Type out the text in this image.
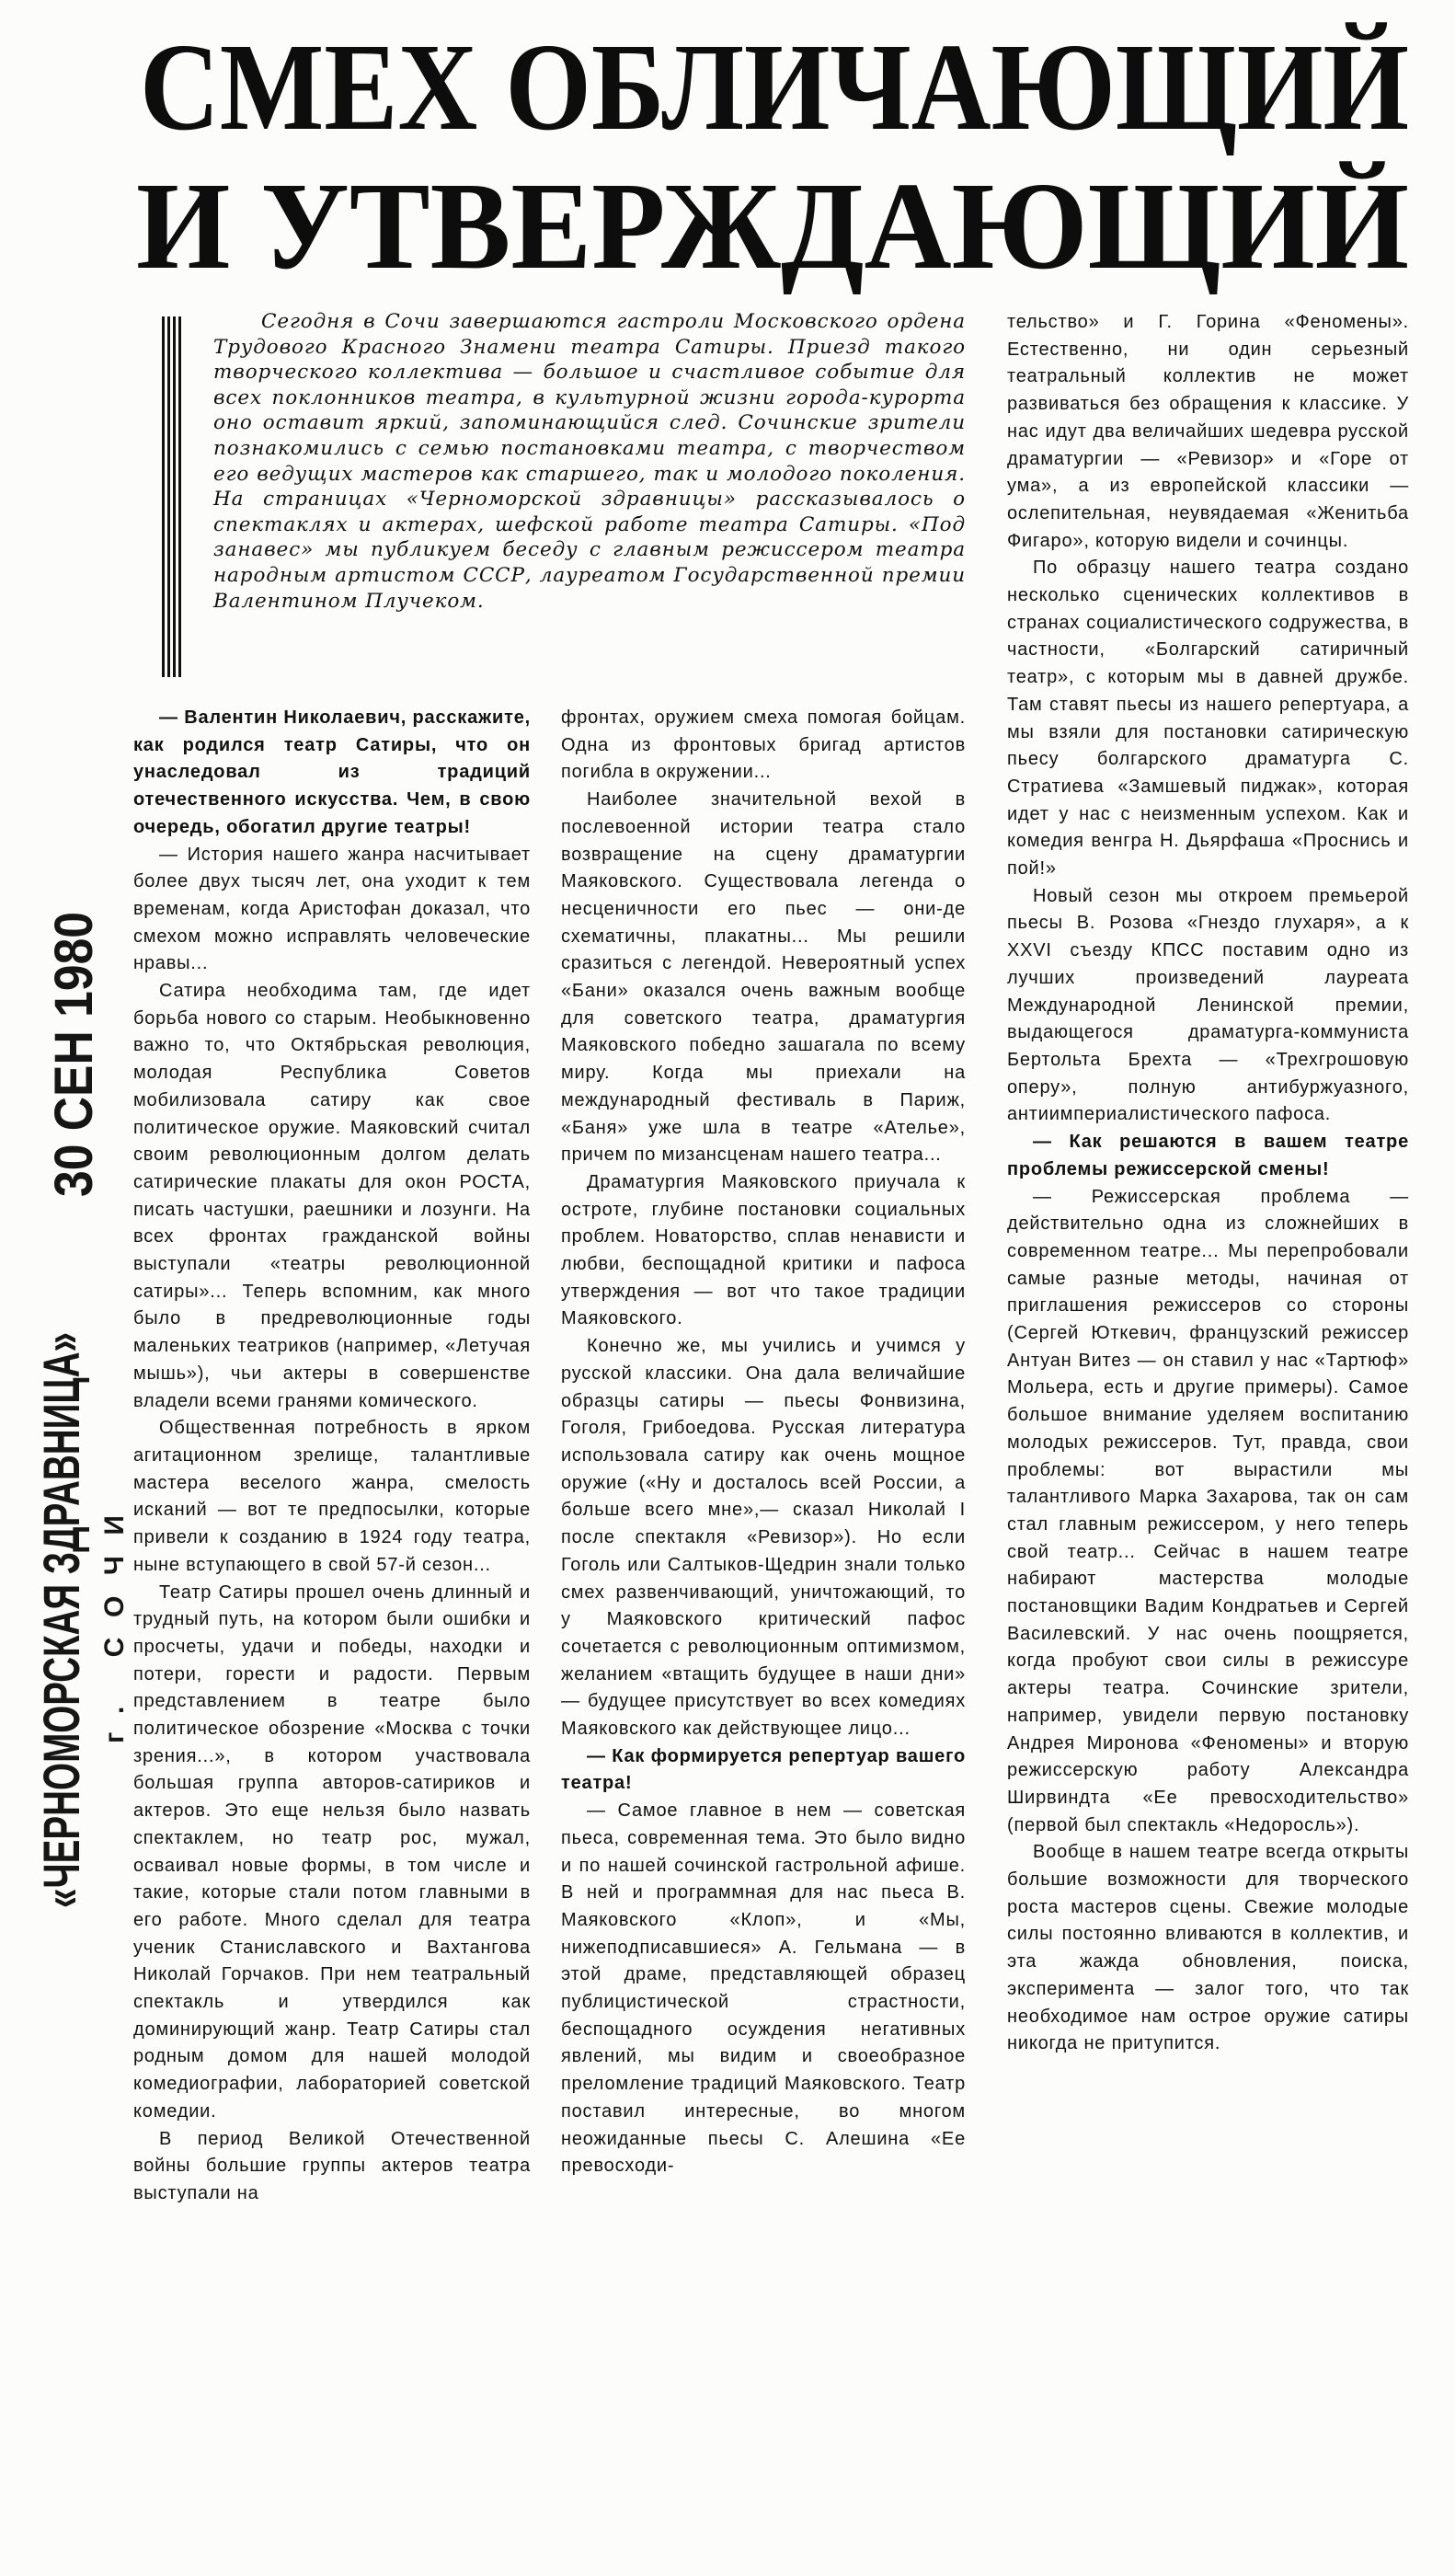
СМЕХ ОБЛИЧАЮЩИЙ
И УТВЕРЖДАЮЩИЙ

Сегодня в Сочи завершаются гастроли Московского ордена Трудового Красного Знамени театра Сатиры. Приезд такого творческого коллектива — большое и счастливое событие для всех поклонников театра, в культурной жизни города-курорта оно оставит яркий, запоминающийся след. Сочинские зрители познакомились с семью постановками театра, с творчеством его ведущих мастеров как старшего, так и молодого поколения. На страницах «Черноморской здравницы» рассказывалось о спектаклях и актерах, шефской работе театра Сатиры. «Под занавес» мы публикуем беседу с главным режиссером театра народным артистом СССР, лауреатом Государственной премии Валентином Плучеком.

— Валентин Николаевич, расскажите, как родился театр Сатиры, что он унаследовал из традиций отечественного искусства. Чем, в свою очередь, обогатил другие театры!

— История нашего жанра насчитывает более двух тысяч лет, она уходит к тем временам, когда Аристофан доказал, что смехом можно исправлять человеческие нравы...

Сатира необходима там, где идет борьба нового со старым. Необыкновенно важно то, что Октябрьская революция, молодая Республика Советов мобилизовала сатиру как свое политическое оружие. Маяковский считал своим революционным долгом делать сатирические плакаты для окон РОСТА, писать частушки, раешники и лозунги. На всех фронтах гражданской войны выступали «театры революционной сатиры»... Теперь вспомним, как много было в предреволюционные годы маленьких театриков (например, «Летучая мышь»), чьи актеры в совершенстве владели всеми гранями комического.

Общественная потребность в ярком агитационном зрелище, талантливые мастера веселого жанра, смелость исканий — вот те предпосылки, которые привели к созданию в 1924 году театра, ныне вступающего в свой 57-й сезон...

Театр Сатиры прошел очень длинный и трудный путь, на котором были ошибки и просчеты, удачи и победы, находки и потери, горести и радости. Первым представлением в театре было политическое обозрение «Москва с точки зрения...», в котором участвовала большая группа авторов-сатириков и актеров. Это еще нельзя было назвать спектаклем, но театр рос, мужал, осваивал новые формы, в том числе и такие, которые стали потом главными в его работе. Много сделал для театра ученик Станиславского и Вахтангова Николай Горчаков. При нем театральный спектакль и утвердился как доминирующий жанр. Театр Сатиры стал родным домом для нашей молодой комедиографии, лабораторией советской комедии.

В период Великой Отечественной войны большие группы актеров театра выступали на

фронтах, оружием смеха помогая бойцам. Одна из фронтовых бригад артистов погибла в окружении...

Наиболее значительной вехой в послевоенной истории театра стало возвращение на сцену драматургии Маяковского. Существовала легенда о несценичности его пьес — они-де схематичны, плакатны... Мы решили сразиться с легендой. Невероятный успех «Бани» оказался очень важным вообще для советского театра, драматургия Маяковского победно зашагала по всему миру. Когда мы приехали на международный фестиваль в Париж, «Баня» уже шла в театре «Ателье», причем по мизансценам нашего театра...

Драматургия Маяковского приучала к остроте, глубине постановки социальных проблем. Новаторство, сплав ненависти и любви, беспощадной критики и пафоса утверждения — вот что такое традиции Маяковского.

Конечно же, мы учились и учимся у русской классики. Она дала величайшие образцы сатиры — пьесы Фонвизина, Гоголя, Грибоедова. Русская литература использовала сатиру как очень мощное оружие («Ну и досталось всей России, а больше всего мне»,— сказал Николай I после спектакля «Ревизор»). Но если Гоголь или Салтыков-Щедрин знали только смех развенчивающий, уничтожающий, то у Маяковского критический пафос сочетается с революционным оптимизмом, желанием «втащить будущее в наши дни» — будущее присутствует во всех комедиях Маяковского как действующее лицо...

— Как формируется репертуар вашего театра!

— Самое главное в нем — советская пьеса, современная тема. Это было видно и по нашей сочинской гастрольной афише. В ней и программная для нас пьеса В. Маяковского «Клоп», и «Мы, нижеподписавшиеся» А. Гельмана — в этой драме, представляющей образец публицистической страстности, беспощадного осуждения негативных явлений, мы видим и своеобразное преломление традиций Маяковского. Театр поставил интересные, во многом неожиданные пьесы С. Алешина «Ее превосходи-

тельство» и Г. Горина «Феномены». Естественно, ни один серьезный театральный коллектив не может развиваться без обращения к классике. У нас идут два величайших шедевра русской драматургии — «Ревизор» и «Горе от ума», а из европейской классики — ослепительная, неувядаемая «Женитьба Фигаро», которую видели и сочинцы.

По образцу нашего театра создано несколько сценических коллективов в странах социалистического содружества, в частности, «Болгарский сатиричный театр», с которым мы в давней дружбе. Там ставят пьесы из нашего репертуара, а мы взяли для постановки сатирическую пьесу болгарского драматурга С. Стратиева «Замшевый пиджак», которая идет у нас с неизменным успехом. Как и комедия венгра Н. Дьярфаша «Проснись и пой!»

Новый сезон мы откроем премьерой пьесы В. Розова «Гнездо глухаря», а к XXVI съезду КПСС поставим одно из лучших произведений лауреата Международной Ленинской премии, выдающегося драматурга-коммуниста Бертольта Брехта — «Трехгрошовую оперу», полную антибуржуазного, антиимпериалистического пафоса.

— Как решаются в вашем театре проблемы режиссерской смены!

— Режиссерская проблема — действительно одна из сложнейших в современном театре... Мы перепробовали самые разные методы, начиная от приглашения режиссеров со стороны (Сергей Юткевич, французский режиссер Антуан Витез — он ставил у нас «Тартюф» Мольера, есть и другие примеры). Самое большое внимание уделяем воспитанию молодых режиссеров. Тут, правда, свои проблемы: вот вырастили мы талантливого Марка Захарова, так он сам стал главным режиссером, у него теперь свой театр... Сейчас в нашем театре набирают мастерства молодые постановщики Вадим Кондратьев и Сергей Василевский. У нас очень поощряется, когда пробуют свои силы в режиссуре актеры театра. Сочинские зрители, например, увидели первую постановку Андрея Миронова «Феномены» и вторую режиссерскую работу Александра Ширвиндта «Ее превосходительство» (первой был спектакль «Недоросль»).

Вообще в нашем театре всегда открыты большие возможности для творческого роста мастеров сцены. Свежие молодые силы постоянно вливаются в коллектив, и эта жажда обновления, поиска, эксперимента — залог того, что так необходимое нам острое оружие сатиры никогда не притупится.

30 СЕН 1980
«ЧЕРНОМОРСКАЯ ЗДРАВНИЦА» г. СОЧИ
